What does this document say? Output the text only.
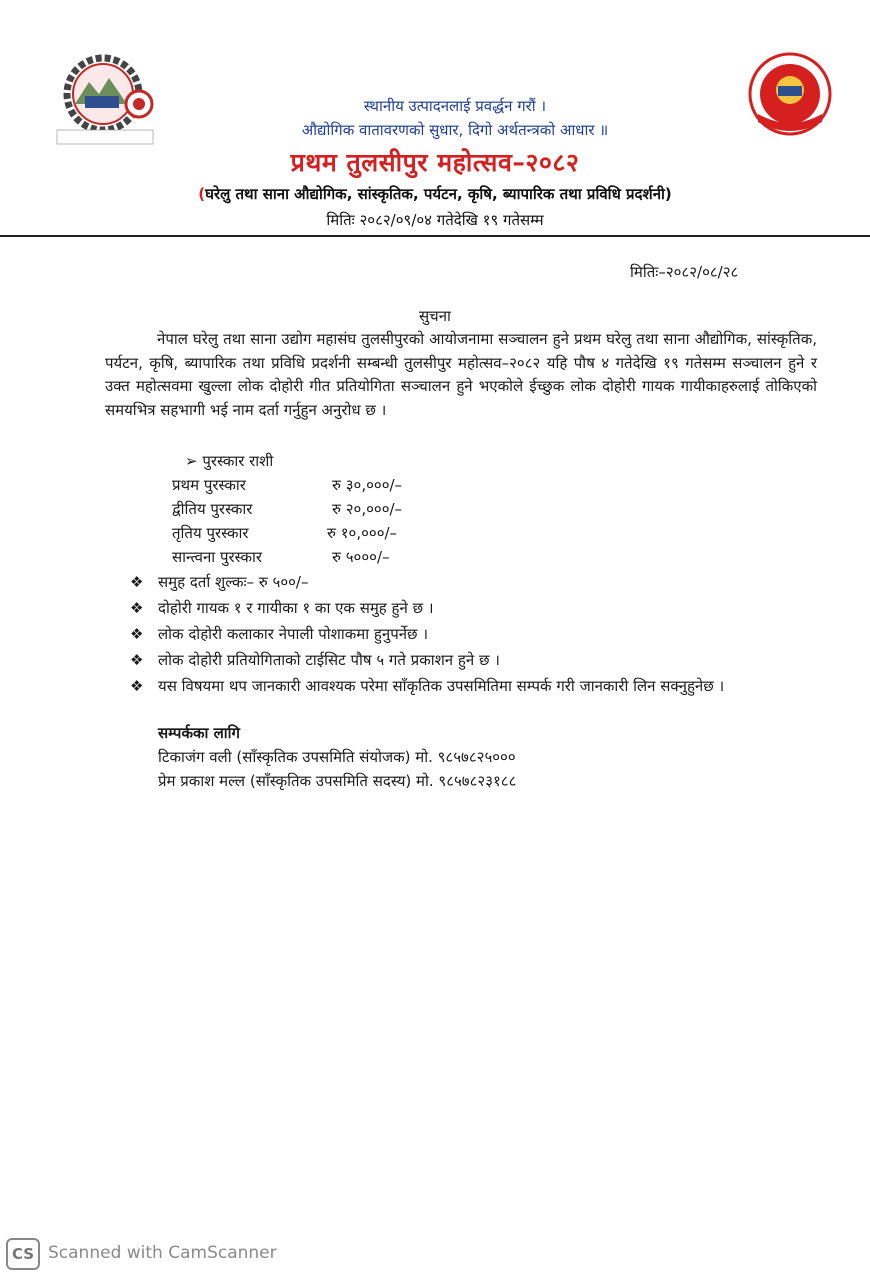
स्थानीय उत्पादनलाई प्रवर्द्धन गरौं ।
औद्योगिक वातावरणको सुधार, दिगो अर्थतन्त्रको आधार ॥
प्रथम तुलसीपुर महोत्सव–२०८२
(घरेलु तथा साना औद्योगिक, सांस्कृतिक, पर्यटन, कृषि, ब्यापारिक तथा प्रविधि प्रदर्शनी)
मितिः २०८२/०९/०४ गतेदेखि १९ गतेसम्म
मितिः–२०८२/०८/२८
सुचना
नेपाल घरेलु तथा साना उद्योग महासंघ तुलसीपुरको आयोजनामा सञ्चालन हुने प्रथम घरेलु तथा साना औद्योगिक, सांस्कृतिक, पर्यटन, कृषि, ब्यापारिक तथा प्रविधि प्रदर्शनी सम्बन्धी तुलसीपुर महोत्सव–२०८२ यहि पौष ४ गतेदेखि १९ गतेसम्म सञ्चालन हुने र उक्त महोत्सवमा खुल्ला लोक दोहोरी गीत प्रतियोगिता सञ्चालन हुने भएकोले ईच्छुक लोक दोहोरी गायक गायीकाहरुलाई तोकिएको समयभित्र सहभागी भई नाम दर्ता गर्नुहुन अनुरोध छ ।
➢ पुरस्कार राशी
प्रथम पुरस्कार	रु ३०,०००/–
द्वीतिय पुरस्कार	रु २०,०००/–
तृतिय पुरस्कार	रु १०,०००/–
सान्त्वना पुरस्कार	रु ५०००/–
❖ समुह दर्ता शुल्कः– रु ५००/–
❖ दोहोरी गायक १ र गायीका १ का एक समुह हुने छ ।
❖ लोक दोहोरी कलाकार नेपाली पोशाकमा हुनुपर्नेछ ।
❖ लोक दोहोरी प्रतियोगिताको टाईसिट पौष ५ गते प्रकाशन हुने छ ।
❖ यस विषयमा थप जानकारी आवश्यक परेमा साँकृतिक उपसमितिमा सम्पर्क गरी जानकारी लिन सक्नुहुनेछ ।
सम्पर्कका लागि
टिकाजंग वली (साँस्कृतिक उपसमिति संयोजक) मो. ९८५७८२५०००
प्रेम प्रकाश मल्ल (साँस्कृतिक उपसमिति सदस्य) मो. ९८५७८२३१८८
CS Scanned with CamScanner
